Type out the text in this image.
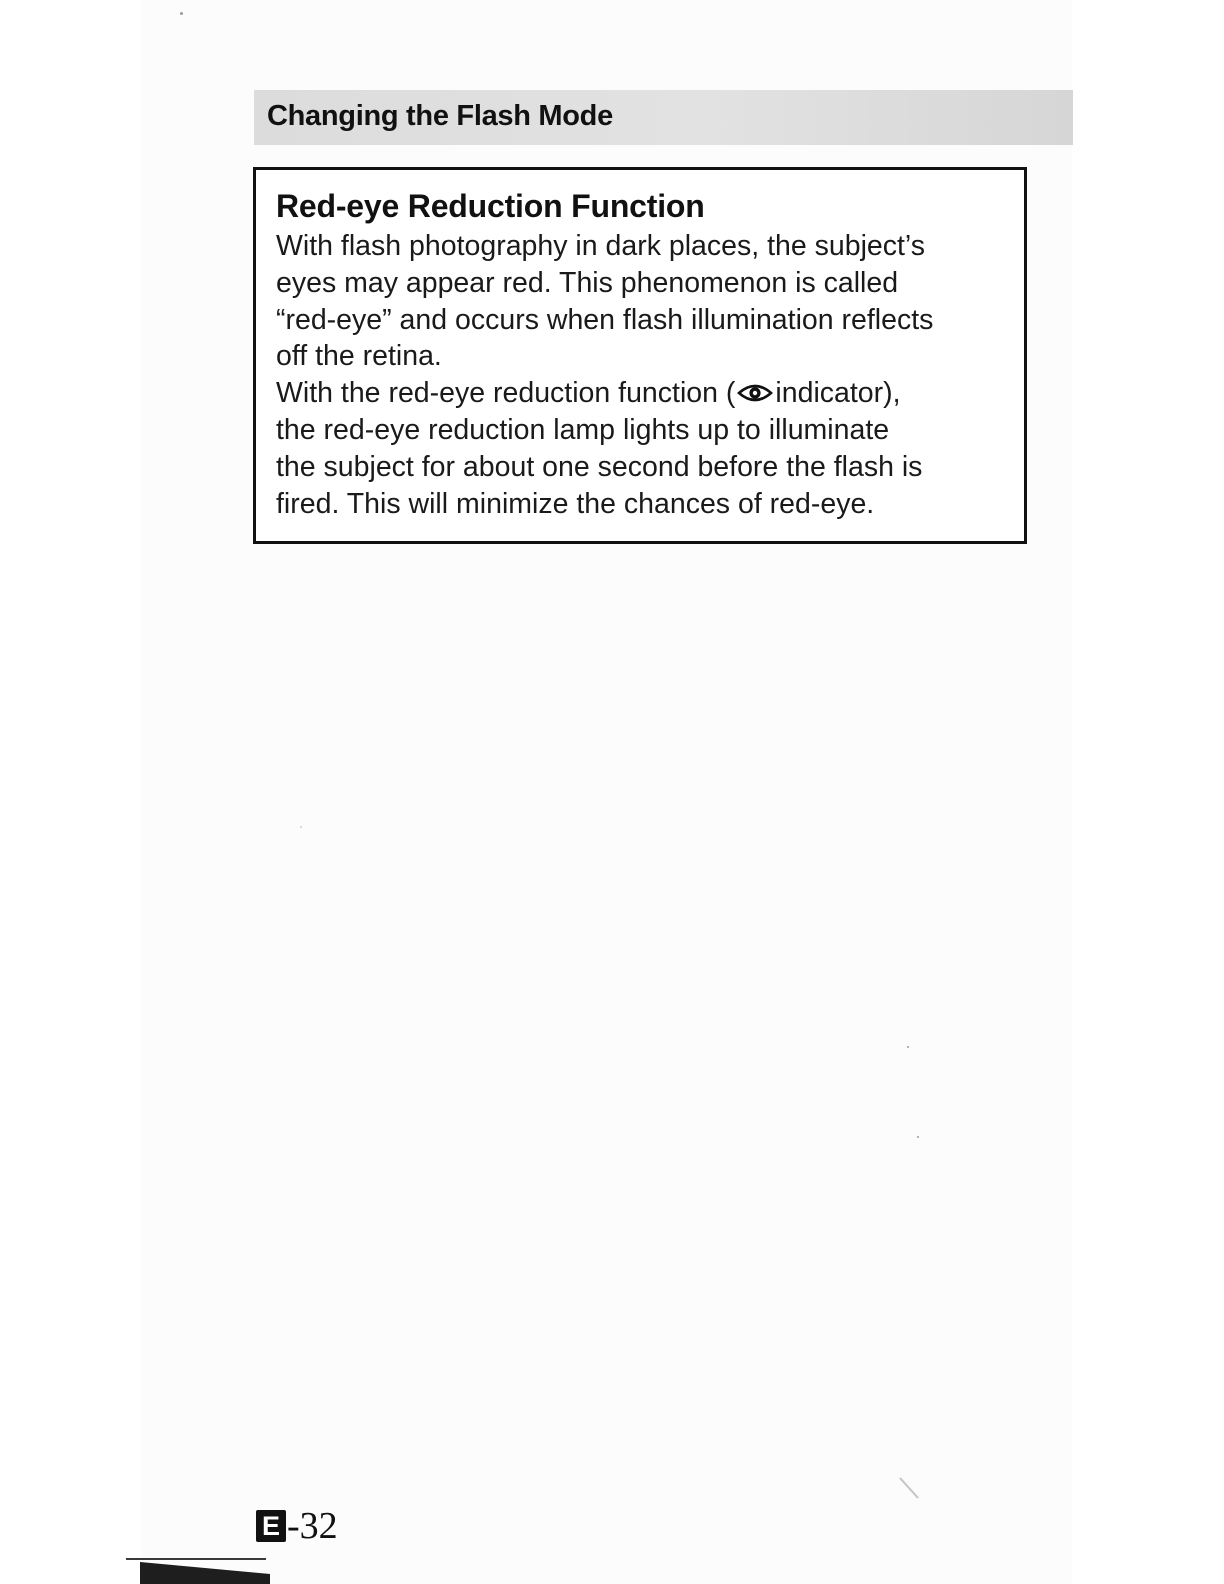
Changing the Flash Mode
Red-eye Reduction Function

With flash photography in dark places, the subject’s
eyes may appear red. This phenomenon is called
“red-eye” and occurs when flash illumination reflects
off the retina.
With the red-eye reduction function ( indicator),
the red-eye reduction lamp lights up to illuminate
the subject for about one second before the flash is
fired. This will minimize the chances of red-eye.

E -32
